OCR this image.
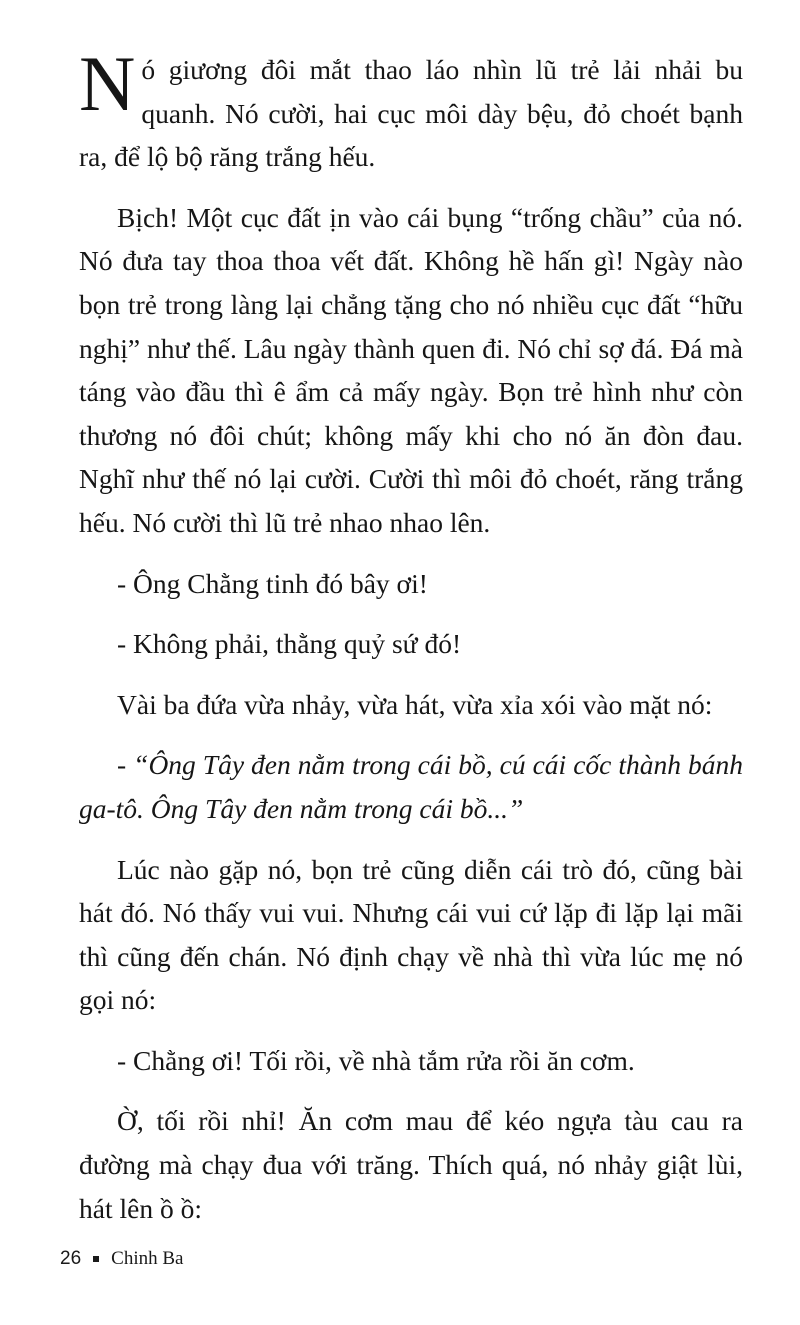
Nó giương đôi mắt thao láo nhìn lũ trẻ lải nhải bu quanh. Nó cười, hai cục môi dày bệu, đỏ choét bạnh ra, để lộ bộ răng trắng hếu.

Bịch! Một cục đất ịn vào cái bụng “trống chầu” của nó. Nó đưa tay thoa thoa vết đất. Không hề hấn gì! Ngày nào bọn trẻ trong làng lại chẳng tặng cho nó nhiều cục đất “hữu nghị” như thế. Lâu ngày thành quen đi. Nó chỉ sợ đá. Đá mà táng vào đầu thì ê ẩm cả mấy ngày. Bọn trẻ hình như còn thương nó đôi chút; không mấy khi cho nó ăn đòn đau. Nghĩ như thế nó lại cười. Cười thì môi đỏ choét, răng trắng hếu. Nó cười thì lũ trẻ nhao nhao lên.

- Ông Chằng tinh đó bây ơi!

- Không phải, thằng quỷ sứ đó!

Vài ba đứa vừa nhảy, vừa hát, vừa xỉa xói vào mặt nó:

- “Ông Tây đen nằm trong cái bồ, cú cái cốc thành bánh ga-tô. Ông Tây đen nằm trong cái bồ...”

Lúc nào gặp nó, bọn trẻ cũng diễn cái trò đó, cũng bài hát đó. Nó thấy vui vui. Nhưng cái vui cứ lặp đi lặp lại mãi thì cũng đến chán. Nó định chạy về nhà thì vừa lúc mẹ nó gọi nó:

- Chằng ơi! Tối rồi, về nhà tắm rửa rồi ăn cơm.

Ờ, tối rồi nhỉ! Ăn cơm mau để kéo ngựa tàu cau ra đường mà chạy đua với trăng. Thích quá, nó nhảy giật lùi, hát lên ồ ồ:

26 Chinh Ba
